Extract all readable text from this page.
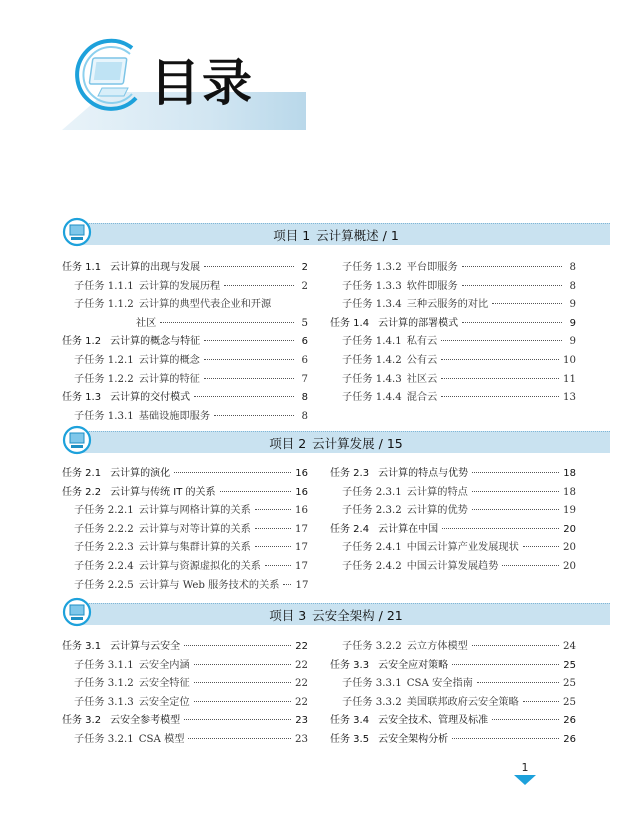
目录
项目 1 云计算概述 / 1
任务 1.1 云计算的出现与发展	2
子任务 1.1.1 云计算的发展历程	2
子任务 1.1.2 云计算的典型代表企业和开源
社区	5
任务 1.2 云计算的概念与特征	6
子任务 1.2.1 云计算的概念	6
子任务 1.2.2 云计算的特征	7
任务 1.3 云计算的交付模式	8
子任务 1.3.1 基础设施即服务	8
子任务 1.3.2 平台即服务	8
子任务 1.3.3 软件即服务	8
子任务 1.3.4 三种云服务的对比	9
任务 1.4 云计算的部署模式	9
子任务 1.4.1 私有云	9
子任务 1.4.2 公有云	10
子任务 1.4.3 社区云	11
子任务 1.4.4 混合云	13
项目 2 云计算发展 / 15
任务 2.1 云计算的演化	16
任务 2.2 云计算与传统 IT 的关系	16
子任务 2.2.1 云计算与网格计算的关系	16
子任务 2.2.2 云计算与对等计算的关系	17
子任务 2.2.3 云计算与集群计算的关系	17
子任务 2.2.4 云计算与资源虚拟化的关系	17
子任务 2.2.5 云计算与 Web 服务技术的关系 17
任务 2.3 云计算的特点与优势	18
子任务 2.3.1 云计算的特点	18
子任务 2.3.2 云计算的优势	19
任务 2.4 云计算在中国	20
子任务 2.4.1 中国云计算产业发展现状	20
子任务 2.4.2 中国云计算发展趋势	20
项目 3 云安全架构 / 21
任务 3.1 云计算与云安全	22
子任务 3.1.1 云安全内涵	22
子任务 3.1.2 云安全特征	22
子任务 3.1.3 云安全定位	22
任务 3.2 云安全参考模型	23
子任务 3.2.1 CSA 模型	23
子任务 3.2.2 云立方体模型	24
任务 3.3 云安全应对策略	25
子任务 3.3.1 CSA 安全指南	25
子任务 3.3.2 美国联邦政府云安全策略	25
任务 3.4 云安全技术、管理及标准	26
任务 3.5 云安全架构分析	26
1
